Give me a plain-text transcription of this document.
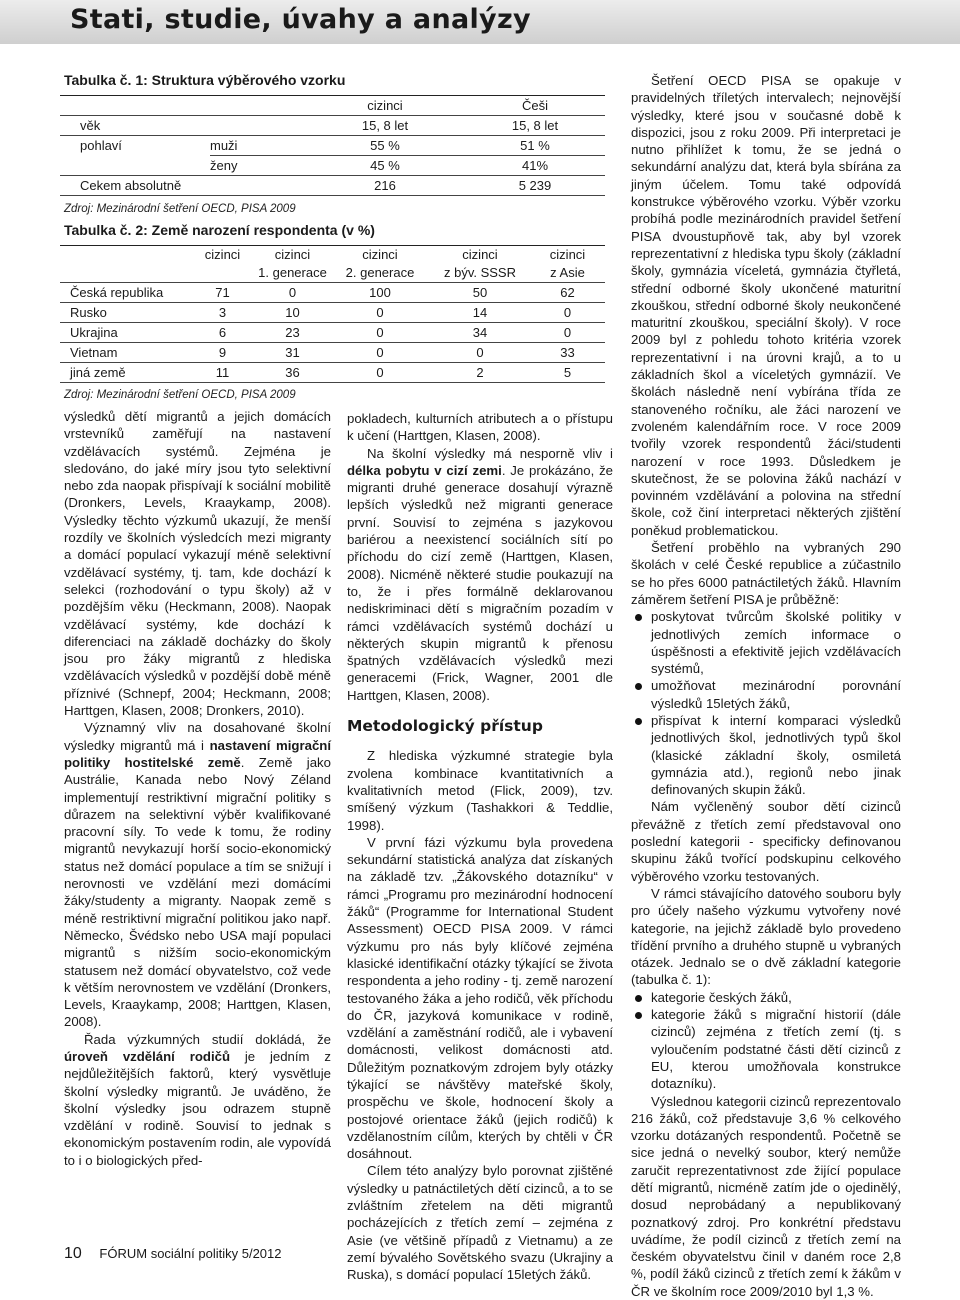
Stati, studie, úvahy a analýzy
Tabulka č. 1: Struktura výběrového vzorku
		cizinci	Češi
věk		15, 8 let	15, 8 let
pohlaví	muži	55 %	51 %
	ženy	45 %	41%
Cekem absolutně		216	5 239
Zdroj: Mezinárodní šetření OECD, PISA 2009
Tabulka č. 2: Země narození respondenta (v %)
	cizinci	cizinci	cizinci	cizinci	cizinci
		1. generace	2. generace	z býv. SSSR	z Asie
Česká republika	71	0	100	50	62
Rusko	3	10	0	14	0
Ukrajina	6	23	0	34	0
Vietnam	9	31	0	0	33
jiná země	11	36	0	2	5
Zdroj: Mezinárodní šetření OECD, PISA 2009

výsledků dětí migrantů a jejich domácích vrstevníků zaměřují na nastavení vzdělávacích systémů. Zejména je sledováno, do jaké míry jsou tyto selektivní nebo zda naopak přispívají k sociální mobilitě (Dronkers, Levels, Kraaykamp, 2008). Výsledky těchto výzkumů ukazují, že menší rozdíly ve školních výsledcích mezi migranty a domácí populací vykazují méně selektivní vzdělávací systémy, tj. tam, kde dochází k selekci (rozhodování o typu školy) až v pozdějším věku (Heckmann, 2008). Naopak vzdělávací systémy, kde dochází k diferenciaci na základě docházky do školy jsou pro žáky migrantů z hlediska vzdělávacích výsledků v pozdější době méně příznivé (Schnepf, 2004; Heckmann, 2008; Harttgen, Klasen, 2008; Dronkers, 2010).

Významný vliv na dosahované školní výsledky migrantů má i nastavení migrační politiky hostitelské země. Země jako Austrálie, Kanada nebo Nový Zéland implementují restriktivní migrační politiky s důrazem na selektivní výběr kvalifikované pracovní síly. To vede k tomu, že rodiny migrantů nevykazují horší socio-ekonomický status než domácí populace a tím se snižují i nerovnosti ve vzdělání mezi domácími žáky/studenty a migranty. Naopak země s méně restriktivní migrační politikou jako např. Německo, Švédsko nebo USA mají populaci migrantů s nižším socio-ekonomickým statusem než domácí obyvatelstvo, což vede k větším nerovnostem ve vzdělání (Dronkers, Levels, Kraaykamp, 2008; Harttgen, Klasen, 2008).

Řada výzkumných studií dokládá, že úroveň vzdělání rodičů je jedním z nejdůležitějších faktorů, který vysvětluje školní výsledky migrantů. Je uváděno, že školní výsledky jsou odrazem stupně vzdělání v rodině. Souvisí to jednak s ekonomickým postavením rodin, ale vypovídá to i o biologických před-

pokladech, kulturních atributech a o přístupu k učení (Harttgen, Klasen, 2008).

Na školní výsledky má nesporně vliv i délka pobytu v cizí zemi. Je prokázáno, že migranti druhé generace dosahují výrazně lepších výsledků než migranti generace první. Souvisí to zejména s jazykovou bariérou a neexistencí sociálních sítí po příchodu do cizí země (Harttgen, Klasen, 2008). Nicméně některé studie poukazují na to, že i přes formálně deklarovanou nediskriminaci dětí s migračním pozadím v rámci vzdělávacích systémů dochází u některých skupin migrantů k přenosu špatných vzdělávacích výsledků mezi generacemi (Frick, Wagner, 2001 dle Harttgen, Klasen, 2008).

Metodologický přístup

Z hlediska výzkumné strategie byla zvolena kombinace kvantitativních a kvalitativních metod (Flick, 2009), tzv. smíšený výzkum (Tashakkori & Teddlie, 1998).

V první fázi výzkumu byla provedena sekundární statistická analýza dat získaných na základě tzv. „Žákovského dotazníku“ v rámci „Programu pro mezinárodní hodnocení žáků“ (Programme for International Student Assessment) OECD PISA 2009. V rámci výzkumu pro nás byly klíčové zejména klasické identifikační otázky týkající se života respondenta a jeho rodiny - tj. země narození testovaného žáka a jeho rodičů, věk příchodu do ČR, jazyková komunikace v rodině, vzdělání a zaměstnání rodičů, ale i vybavení domácnosti, velikost domácnosti atd. Důležitým poznatkovým zdrojem byly otázky týkající se návštěvy mateřské školy, prospěchu ve škole, hodnocení školy a postojové orientace žáků (jejich rodičů) k vzdělanostním cílům, kterých by chtěli v ČR dosáhnout.

Cílem této analýzy bylo porovnat zjištěné výsledky u patnáctiletých dětí cizinců, a to se zvláštním zřetelem na děti migrantů pocházejících z třetích zemí – zejména z Asie (ve většině případů z Vietnamu) a ze zemí bývalého Sovětského svazu (Ukrajiny a Ruska), s domácí populací 15letých žáků.

Šetření OECD PISA se opakuje v pravidelných tříletých intervalech; nejnovější výsledky, které jsou v současné době k dispozici, jsou z roku 2009. Při interpretaci je nutno přihlížet k tomu, že se jedná o sekundární analýzu dat, která byla sbírána za jiným účelem. Tomu také odpovídá konstrukce výběrového vzorku. Výběr vzorku probíhá podle mezinárodních pravidel šetření PISA dvoustupňově tak, aby byl vzorek reprezentativní z hlediska typu školy (základní školy, gymnázia víceletá, gymnázia čtyřletá, střední odborné školy ukončené maturitní zkouškou, střední odborné školy neukončené maturitní zkouškou, speciální školy). V roce 2009 byl z pohledu tohoto kritéria vzorek reprezentativní i na úrovni krajů, a to u základních škol a víceletých gymnázií. Ve školách následně není vybírána třída ze stanoveného ročníku, ale žáci narození ve zvoleném kalendářním roce. V roce 2009 tvořily vzorek respondentů žáci/studenti narození v roce 1993. Důsledkem je skutečnost, že se polovina žáků nachází v povinném vzdělávání a polovina na střední škole, což činí interpretaci některých zjištění poněkud problematickou.

Šetření proběhlo na vybraných 290 školách v celé České republice a zúčastnilo se ho přes 6000 patnáctiletých žáků. Hlavním záměrem šetření PISA je průběžně:

poskytovat tvůrcům školské politiky v jednotlivých zemích informace o úspěšnosti a efektivitě jejich vzdělávacích systémů,
umožňovat mezinárodní porovnání výsledků 15letých žáků,
přispívat k interní komparaci výsledků jednotlivých škol, jednotlivých typů škol (klasické základní školy, osmiletá gymnázia atd.), regionů nebo jinak definovaných skupin žáků.

Nám vyčleněný soubor dětí cizinců převážně z třetích zemí představoval ono poslední kategorii - specificky definovanou skupinu žáků tvořící podskupinu celkového výběrového vzorku testovaných.

V rámci stávajícího datového souboru byly pro účely našeho výzkumu vytvořeny nové kategorie, na jejichž základě bylo provedeno třídění prvního a druhého stupně u vybraných otázek. Jednalo se o dvě základní kategorie (tabulka č. 1):

kategorie českých žáků,
kategorie žáků s migrační historií (dále cizinců) zejména z třetích zemí (tj. s vyloučením podstatné části dětí cizinců z EU, kterou umožňovala konstrukce dotazníku).

Výslednou kategorii cizinců reprezentovalo 216 žáků, což představuje 3,6 % celkového vzorku dotázaných respondentů. Početně se sice jedná o nevelký soubor, který nemůže zaručit reprezentativnost zde žijící populace dětí migrantů, nicméně zatím jde o ojedinělý, dosud neprobádaný a nepublikovaný poznatkový zdroj. Pro konkrétní představu uvádíme, že podíl cizinců z třetích zemí na českém obyvatelstvu činil v daném roce 2,8 %, podíl žáků cizinců z třetích zemí k žákům v ČR ve školním roce 2009/2010 byl 1,3 %.

10 FÓRUM sociální politiky 5/2012
